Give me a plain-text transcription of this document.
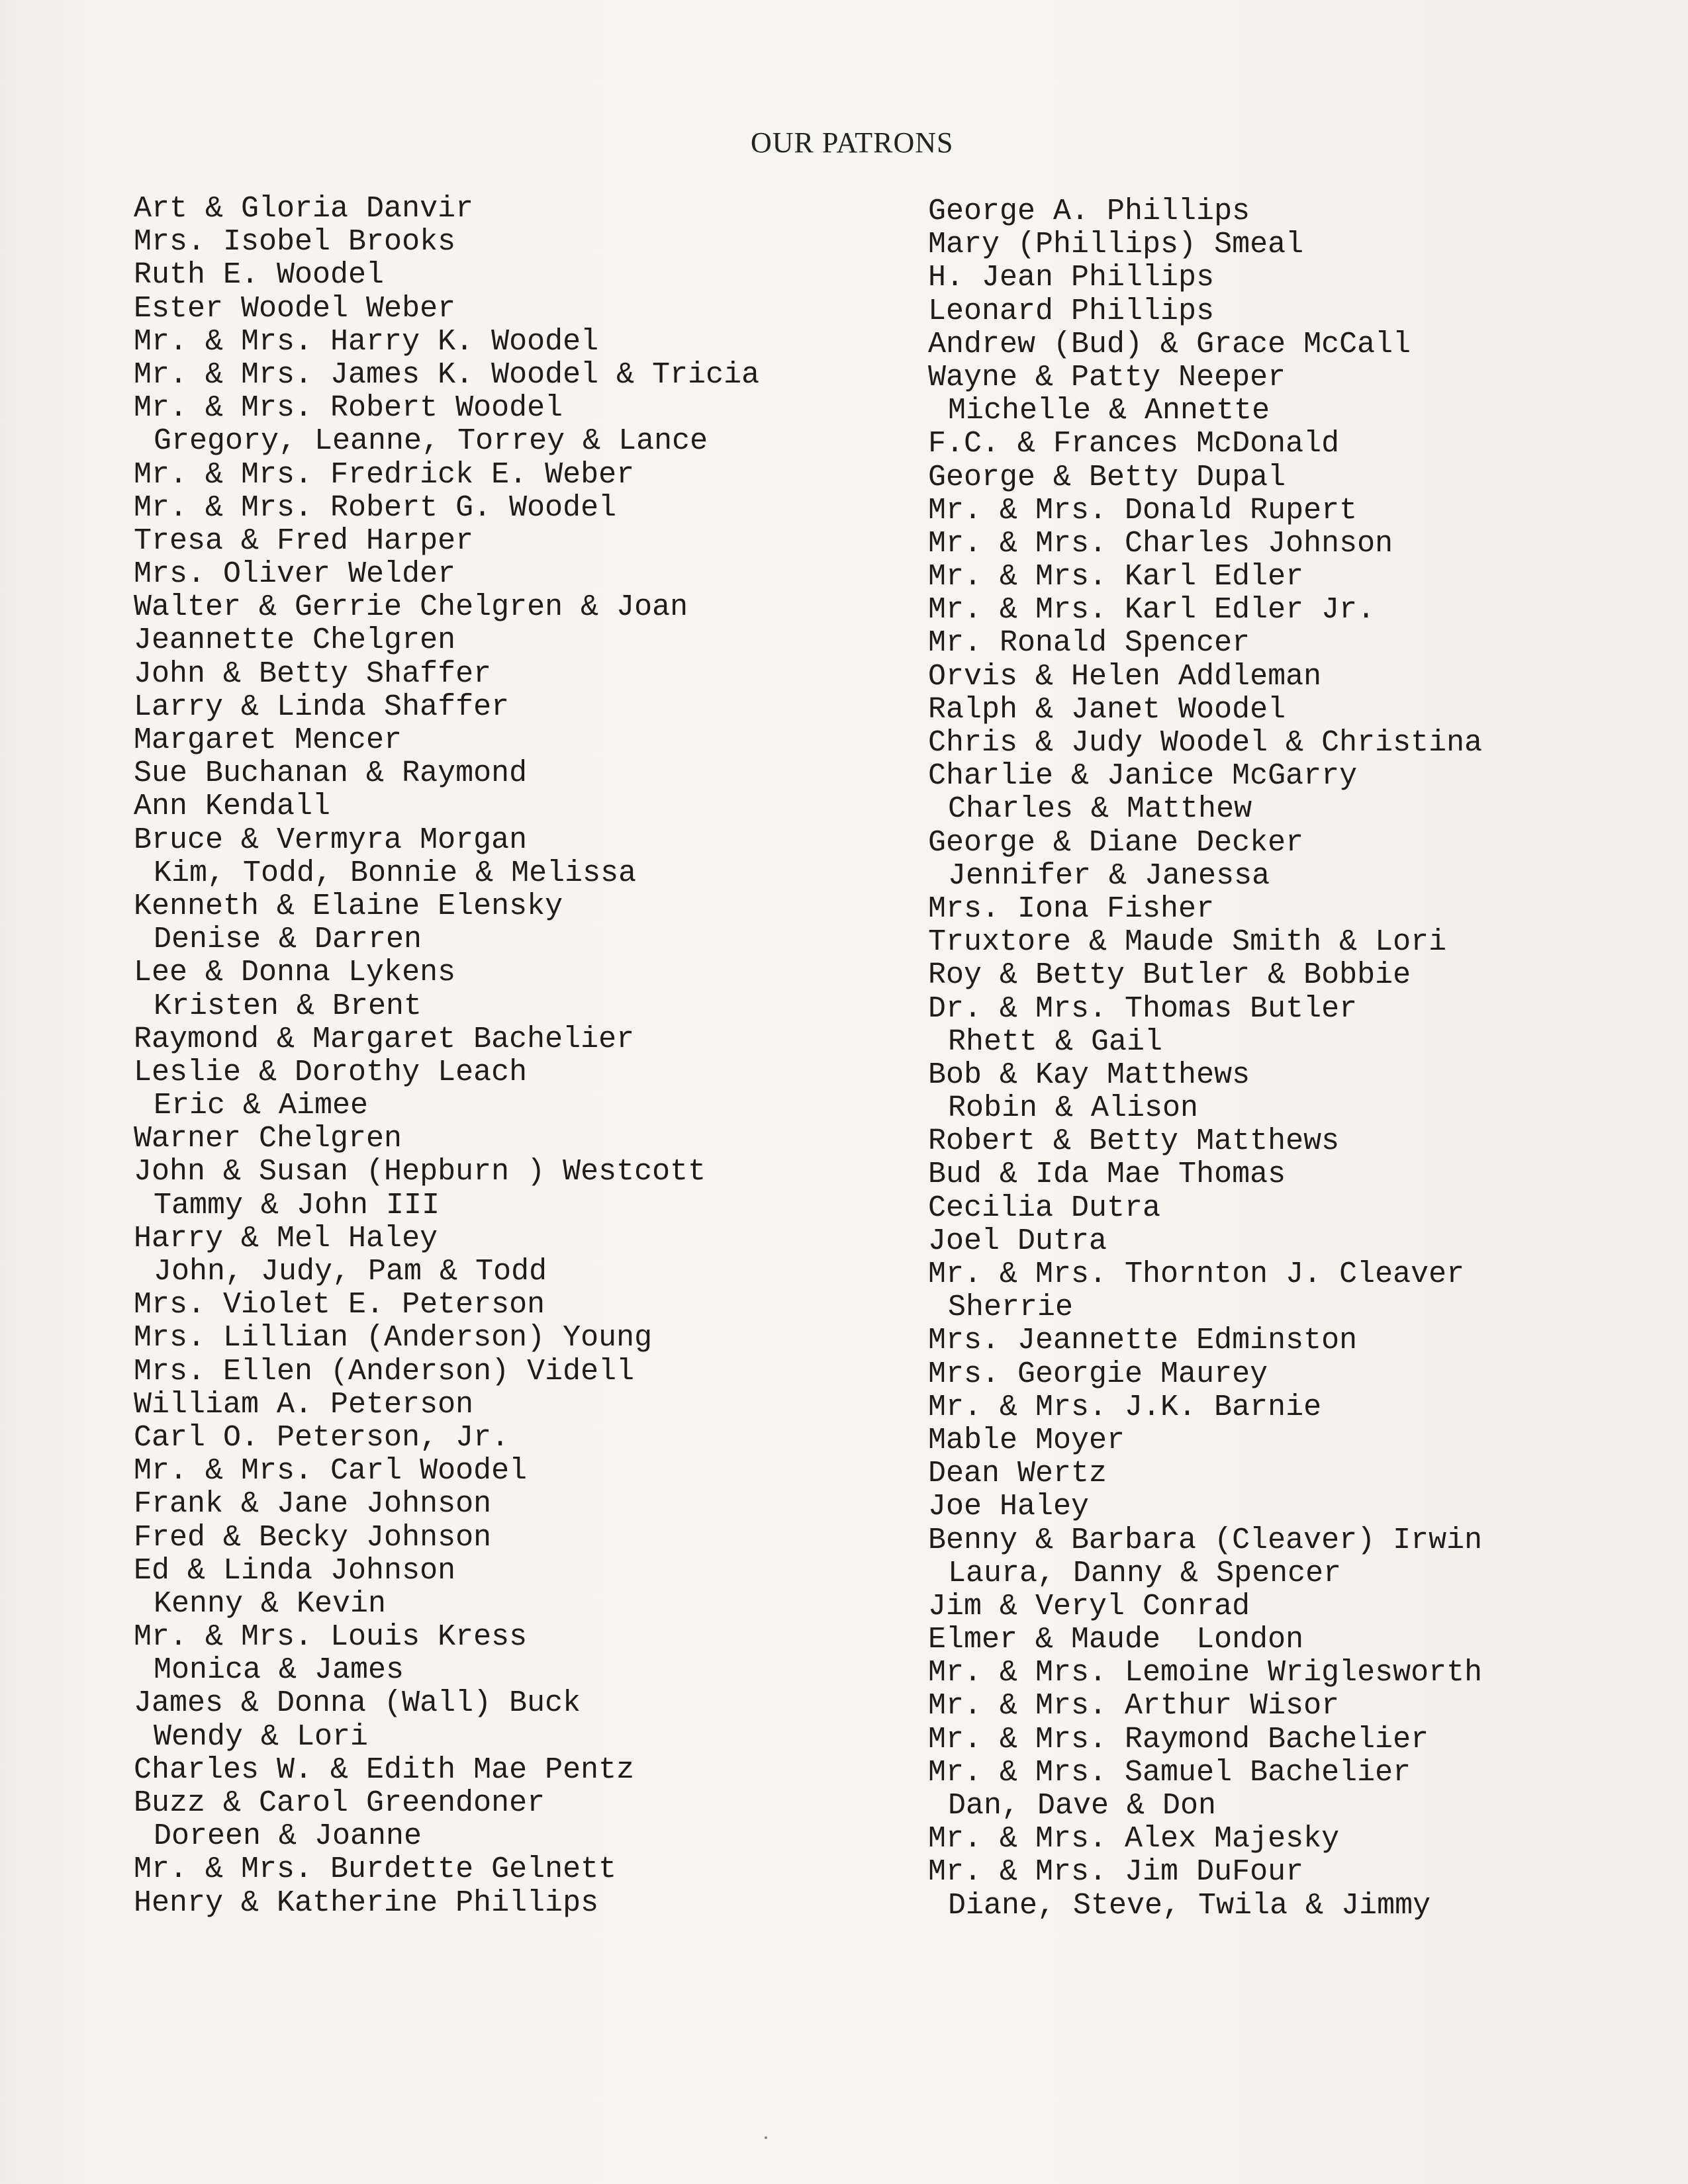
OUR PATRONS
Art & Gloria Danvir
Mrs. Isobel Brooks
Ruth E. Woodel
Ester Woodel Weber
Mr. & Mrs. Harry K. Woodel
Mr. & Mrs. James K. Woodel & Tricia
Mr. & Mrs. Robert Woodel
Gregory, Leanne, Torrey & Lance
Mr. & Mrs. Fredrick E. Weber
Mr. & Mrs. Robert G. Woodel
Tresa & Fred Harper
Mrs. Oliver Welder
Walter & Gerrie Chelgren & Joan
Jeannette Chelgren
John & Betty Shaffer
Larry & Linda Shaffer
Margaret Mencer
Sue Buchanan & Raymond
Ann Kendall
Bruce & Vermyra Morgan
Kim, Todd, Bonnie & Melissa
Kenneth & Elaine Elensky
Denise & Darren
Lee & Donna Lykens
Kristen & Brent
Raymond & Margaret Bachelier
Leslie & Dorothy Leach
Eric & Aimee
Warner Chelgren
John & Susan (Hepburn ) Westcott
Tammy & John III
Harry & Mel Haley
John, Judy, Pam & Todd
Mrs. Violet E. Peterson
Mrs. Lillian (Anderson) Young
Mrs. Ellen (Anderson) Videll
William A. Peterson
Carl O. Peterson, Jr.
Mr. & Mrs. Carl Woodel
Frank & Jane Johnson
Fred & Becky Johnson
Ed & Linda Johnson
Kenny & Kevin
Mr. & Mrs. Louis Kress
Monica & James
James & Donna (Wall) Buck
Wendy & Lori
Charles W. & Edith Mae Pentz
Buzz & Carol Greendoner
Doreen & Joanne
Mr. & Mrs. Burdette Gelnett
Henry & Katherine Phillips
George A. Phillips
Mary (Phillips) Smeal
H. Jean Phillips
Leonard Phillips
Andrew (Bud) & Grace McCall
Wayne & Patty Neeper
Michelle & Annette
F.C. & Frances McDonald
George & Betty Dupal
Mr. & Mrs. Donald Rupert
Mr. & Mrs. Charles Johnson
Mr. & Mrs. Karl Edler
Mr. & Mrs. Karl Edler Jr.
Mr. Ronald Spencer
Orvis & Helen Addleman
Ralph & Janet Woodel
Chris & Judy Woodel & Christina
Charlie & Janice McGarry
Charles & Matthew
George & Diane Decker
Jennifer & Janessa
Mrs. Iona Fisher
Truxtore & Maude Smith & Lori
Roy & Betty Butler & Bobbie
Dr. & Mrs. Thomas Butler
Rhett & Gail
Bob & Kay Matthews
Robin & Alison
Robert & Betty Matthews
Bud & Ida Mae Thomas
Cecilia Dutra
Joel Dutra
Mr. & Mrs. Thornton J. Cleaver
Sherrie
Mrs. Jeannette Edminston
Mrs. Georgie Maurey
Mr. & Mrs. J.K. Barnie
Mable Moyer
Dean Wertz
Joe Haley
Benny & Barbara (Cleaver) Irwin
Laura, Danny & Spencer
Jim & Veryl Conrad
Elmer & Maude  London
Mr. & Mrs. Lemoine Wriglesworth
Mr. & Mrs. Arthur Wisor
Mr. & Mrs. Raymond Bachelier
Mr. & Mrs. Samuel Bachelier
Dan, Dave & Don
Mr. & Mrs. Alex Majesky
Mr. & Mrs. Jim DuFour
Diane, Steve, Twila & Jimmy
